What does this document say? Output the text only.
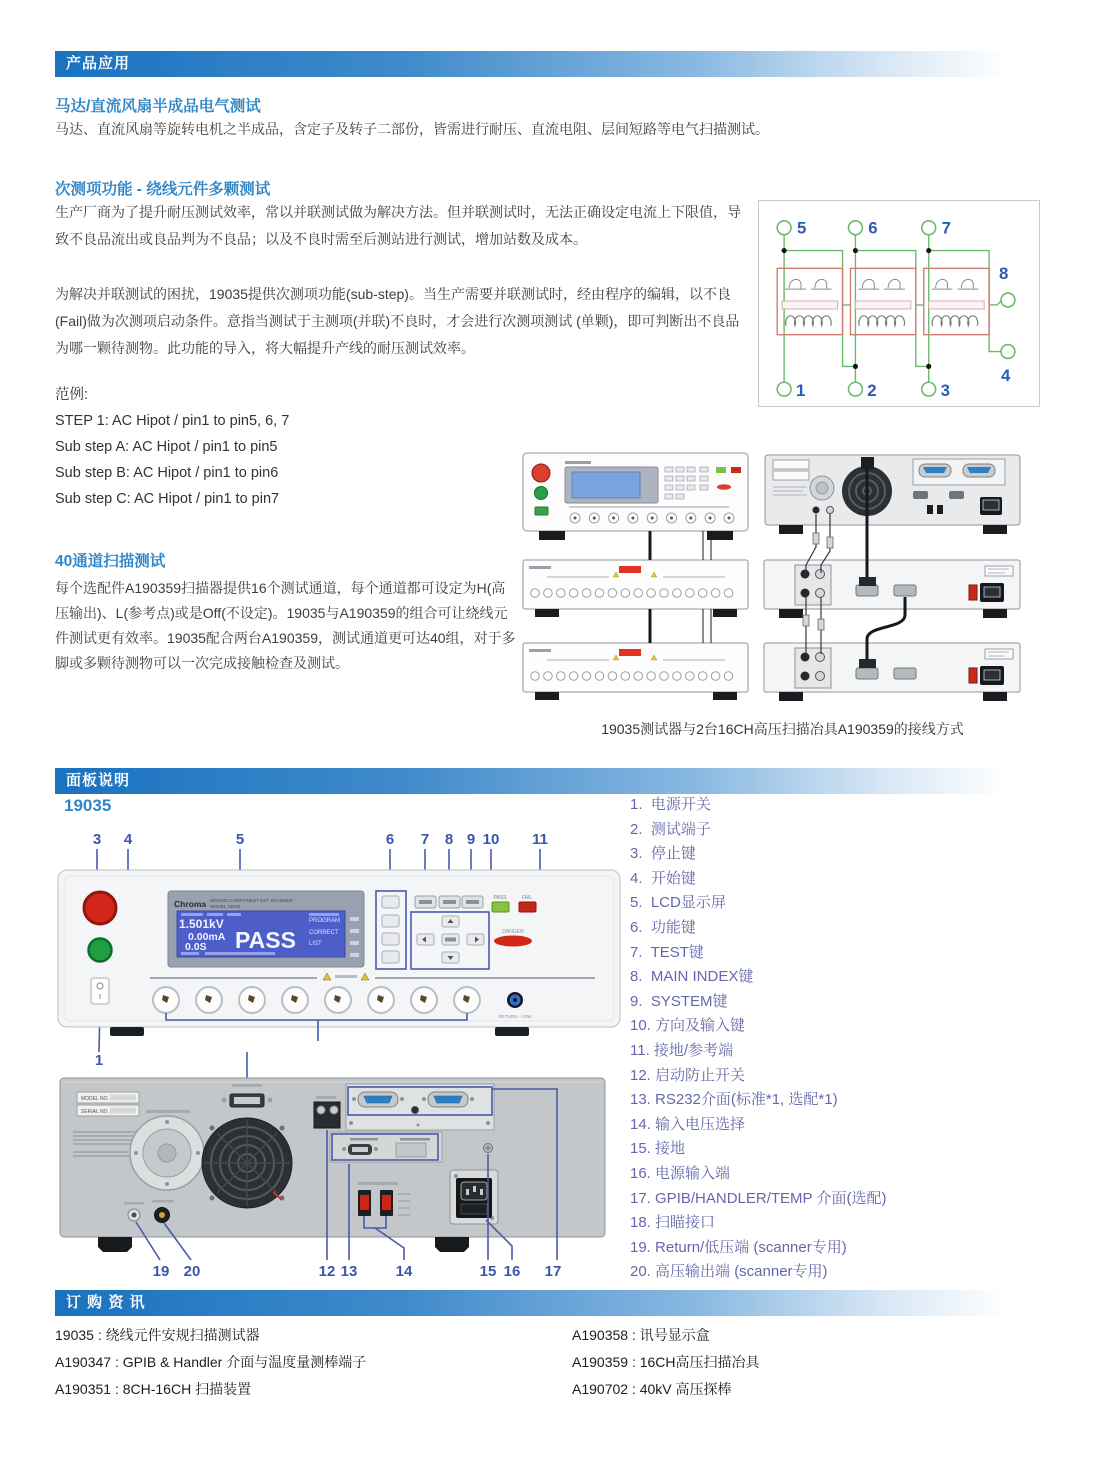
产品应用
马达/直流风扇半成品电气测试
马达、直流风扇等旋转电机之半成品，含定子及转子二部份，皆需进行耐压、直流电阻、层间短路等电气扫描测试。
次测项功能 - 绕线元件多颗测试
生产厂商为了提升耐压测试效率，常以并联测试做为解决方法。但并联测试时，无法正确设定电流上下限值，导致不良品流出或良品判为不良品；以及不良时需至后测站进行测试，增加站数及成本。
为解决并联测试的困扰，19035提供次测项功能(sub-step)。当生产需要并联测试时，经由程序的编辑，以不良(Fail)做为次测项启动条件。意指当测试于主测项(并联)不良时，才会进行次测项测试 (单颗)，即可判断出不良品为哪一颗待测物。此功能的导入，将大幅提升产线的耐压测试效率。
范例:
STEP 1: AC Hipot / pin1 to pin5, 6, 7
Sub step A: AC Hipot / pin1 to pin5
Sub step B: AC Hipot / pin1 to pin6
Sub step C: AC Hipot / pin1 to pin7
5	6	7
8
4
1	2	3
40通道扫描测试
每个选配件A190359扫描器提供16个测试通道，每个通道都可设定为H(高压输出)、L(参考点)或是Off(不设定)。19035与A190359的组合可让绕线元件测试更有效率。19035配合两台A190359，测试通道更可达40组，对于多脚或多颗待测物可以一次完成接触检查及测试。
19035测试器与2台16CH高压扫描冶具A190359的接线方式
面板说明
19035
3 4	5	6 7 8 9 10 11
1
Chroma WOUND COMPONENT EST SCANNER
MODEL 19035
1.501kV
0.00mA
0.0S PASS
PROGRAM
CORRECT
LIST
PASS	FAIL
DANGER
RETURN - LOW
MODEL NO.
SERIAL NO.
19 20	12 13	14	15 16 17
1.  电源开关
2.  测试端子
3.  停止键
4.  开始键
5.  LCD显示屏
6.  功能键
7.  TEST键
8.  MAIN INDEX键
9.  SYSTEM键
10. 方向及输入键
11. 接地/参考端
12. 启动防止开关
13. RS232介面(标准*1, 选配*1)
14. 输入电压选择
15. 接地
16. 电源输入端
17. GPIB/HANDLER/TEMP 介面(选配)
18. 扫瞄接口
19. Return/低压端 (scanner专用)
20. 高压输出端 (scanner专用)
订 购 资 讯
19035 : 绕线元件安规扫描测试器
A190347 : GPIB & Handler 介面与温度量测棒端子
A190351 : 8CH-16CH 扫描装置
A190358 : 讯号显示盒
A190359 : 16CH高压扫描冶具
A190702 : 40kV 高压探棒
